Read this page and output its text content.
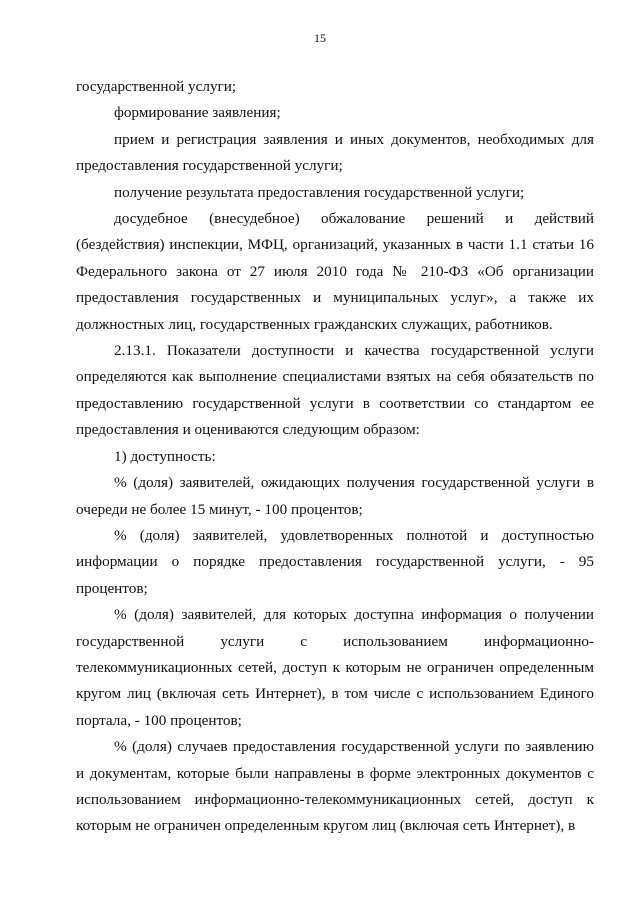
15

государственной услуги;

формирование заявления;

прием и регистрация заявления и иных документов, необходимых для предоставления государственной услуги;

получение результата предоставления государственной услуги;

досудебное (внесудебное) обжалование решений и действий (бездействия) инспекции, МФЦ, организаций, указанных в части 1.1 статьи 16 Федерального закона от 27 июля 2010 года № 210-ФЗ «Об организации предоставления государственных и муниципальных услуг», а также их должностных лиц, государственных гражданских служащих, работников.

2.13.1. Показатели доступности и качества государственной услуги определяются как выполнение специалистами взятых на себя обязательств по предоставлению государственной услуги в соответствии со стандартом ее предоставления и оцениваются следующим образом:

1) доступность:

% (доля) заявителей, ожидающих получения государственной услуги в очереди не более 15 минут, - 100 процентов;

% (доля) заявителей, удовлетворенных полнотой и доступностью информации о порядке предоставления государственной услуги, - 95 процентов;

% (доля) заявителей, для которых доступна информация о получении государственной услуги с использованием информационно-телекоммуникационных сетей, доступ к которым не ограничен определенным кругом лиц (включая сеть Интернет), в том числе с использованием Единого портала, - 100 процентов;

% (доля) случаев предоставления государственной услуги по заявлению и документам, которые были направлены в форме электронных документов с использованием информационно-телекоммуникационных сетей, доступ к которым не ограничен определенным кругом лиц (включая сеть Интернет), в
